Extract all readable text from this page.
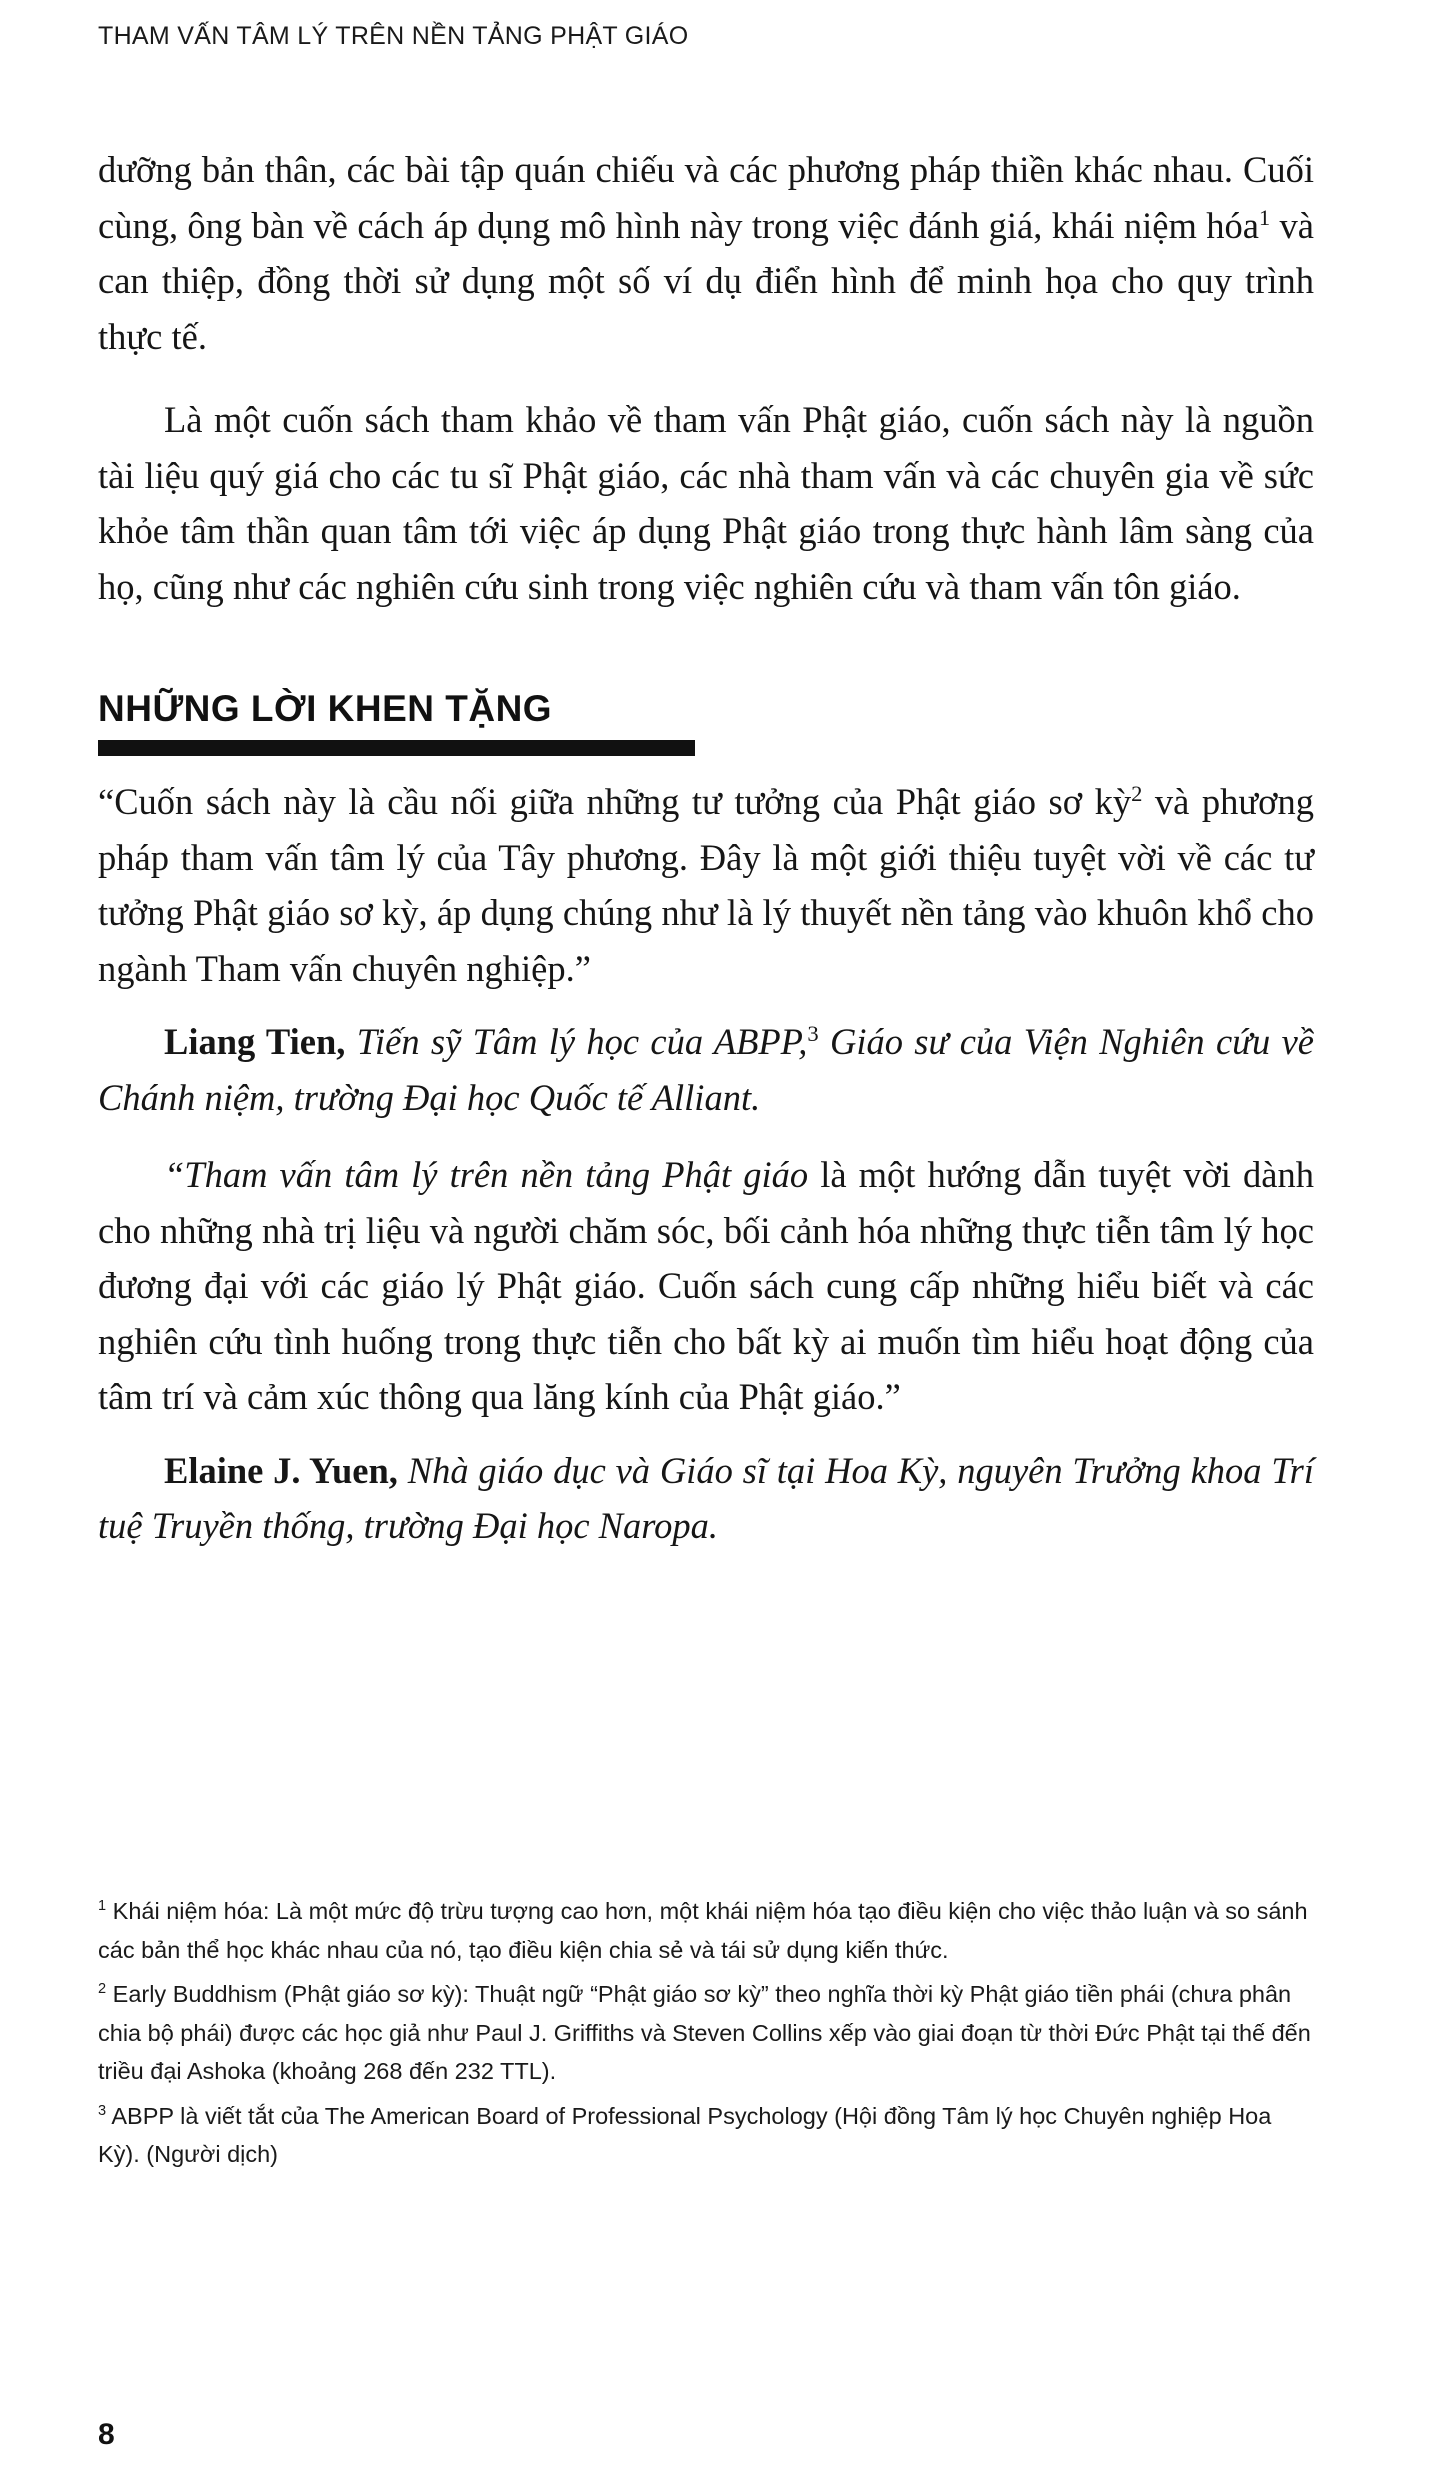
THAM VẤN TÂM LÝ TRÊN NỀN TẢNG PHẬT GIÁO

dưỡng bản thân, các bài tập quán chiếu và các phương pháp thiền khác nhau. Cuối cùng, ông bàn về cách áp dụng mô hình này trong việc đánh giá, khái niệm hóa$^1$ và can thiệp, đồng thời sử dụng một số ví dụ điển hình để minh họa cho quy trình thực tế.

Là một cuốn sách tham khảo về tham vấn Phật giáo, cuốn sách này là nguồn tài liệu quý giá cho các tu sĩ Phật giáo, các nhà tham vấn và các chuyên gia về sức khỏe tâm thần quan tâm tới việc áp dụng Phật giáo trong thực hành lâm sàng của họ, cũng như các nghiên cứu sinh trong việc nghiên cứu và tham vấn tôn giáo.

NHỮNG LỜI KHEN TẶNG

“Cuốn sách này là cầu nối giữa những tư tưởng của Phật giáo sơ kỳ$^2$ và phương pháp tham vấn tâm lý của Tây phương. Đây là một giới thiệu tuyệt vời về các tư tưởng Phật giáo sơ kỳ, áp dụng chúng như là lý thuyết nền tảng vào khuôn khổ cho ngành Tham vấn chuyên nghiệp.”

Liang Tien, Tiến sỹ Tâm lý học của ABPP,$^3$ Giáo sư của Viện Nghiên cứu về Chánh niệm, trường Đại học Quốc tế Alliant.

“Tham vấn tâm lý trên nền tảng Phật giáo là một hướng dẫn tuyệt vời dành cho những nhà trị liệu và người chăm sóc, bối cảnh hóa những thực tiễn tâm lý học đương đại với các giáo lý Phật giáo. Cuốn sách cung cấp những hiểu biết và các nghiên cứu tình huống trong thực tiễn cho bất kỳ ai muốn tìm hiểu hoạt động của tâm trí và cảm xúc thông qua lăng kính của Phật giáo.”

Elaine J. Yuen, Nhà giáo dục và Giáo sĩ tại Hoa Kỳ, nguyên Trưởng khoa Trí tuệ Truyền thống, trường Đại học Naropa.

$^1$ Khái niệm hóa: Là một mức độ trừu tượng cao hơn, một khái niệm hóa tạo điều kiện cho việc thảo luận và so sánh các bản thể học khác nhau của nó, tạo điều kiện chia sẻ và tái sử dụng kiến thức.

$^2$ Early Buddhism (Phật giáo sơ kỳ): Thuật ngữ “Phật giáo sơ kỳ” theo nghĩa thời kỳ Phật giáo tiền phái (chưa phân chia bộ phái) được các học giả như Paul J. Griffiths và Steven Collins xếp vào giai đoạn từ thời Đức Phật tại thế đến triều đại Ashoka (khoảng 268 đến 232 TTL).

$^3$ ABPP là viết tắt của The American Board of Professional Psychology (Hội đồng Tâm lý học Chuyên nghiệp Hoa Kỳ). (Người dịch)

8
